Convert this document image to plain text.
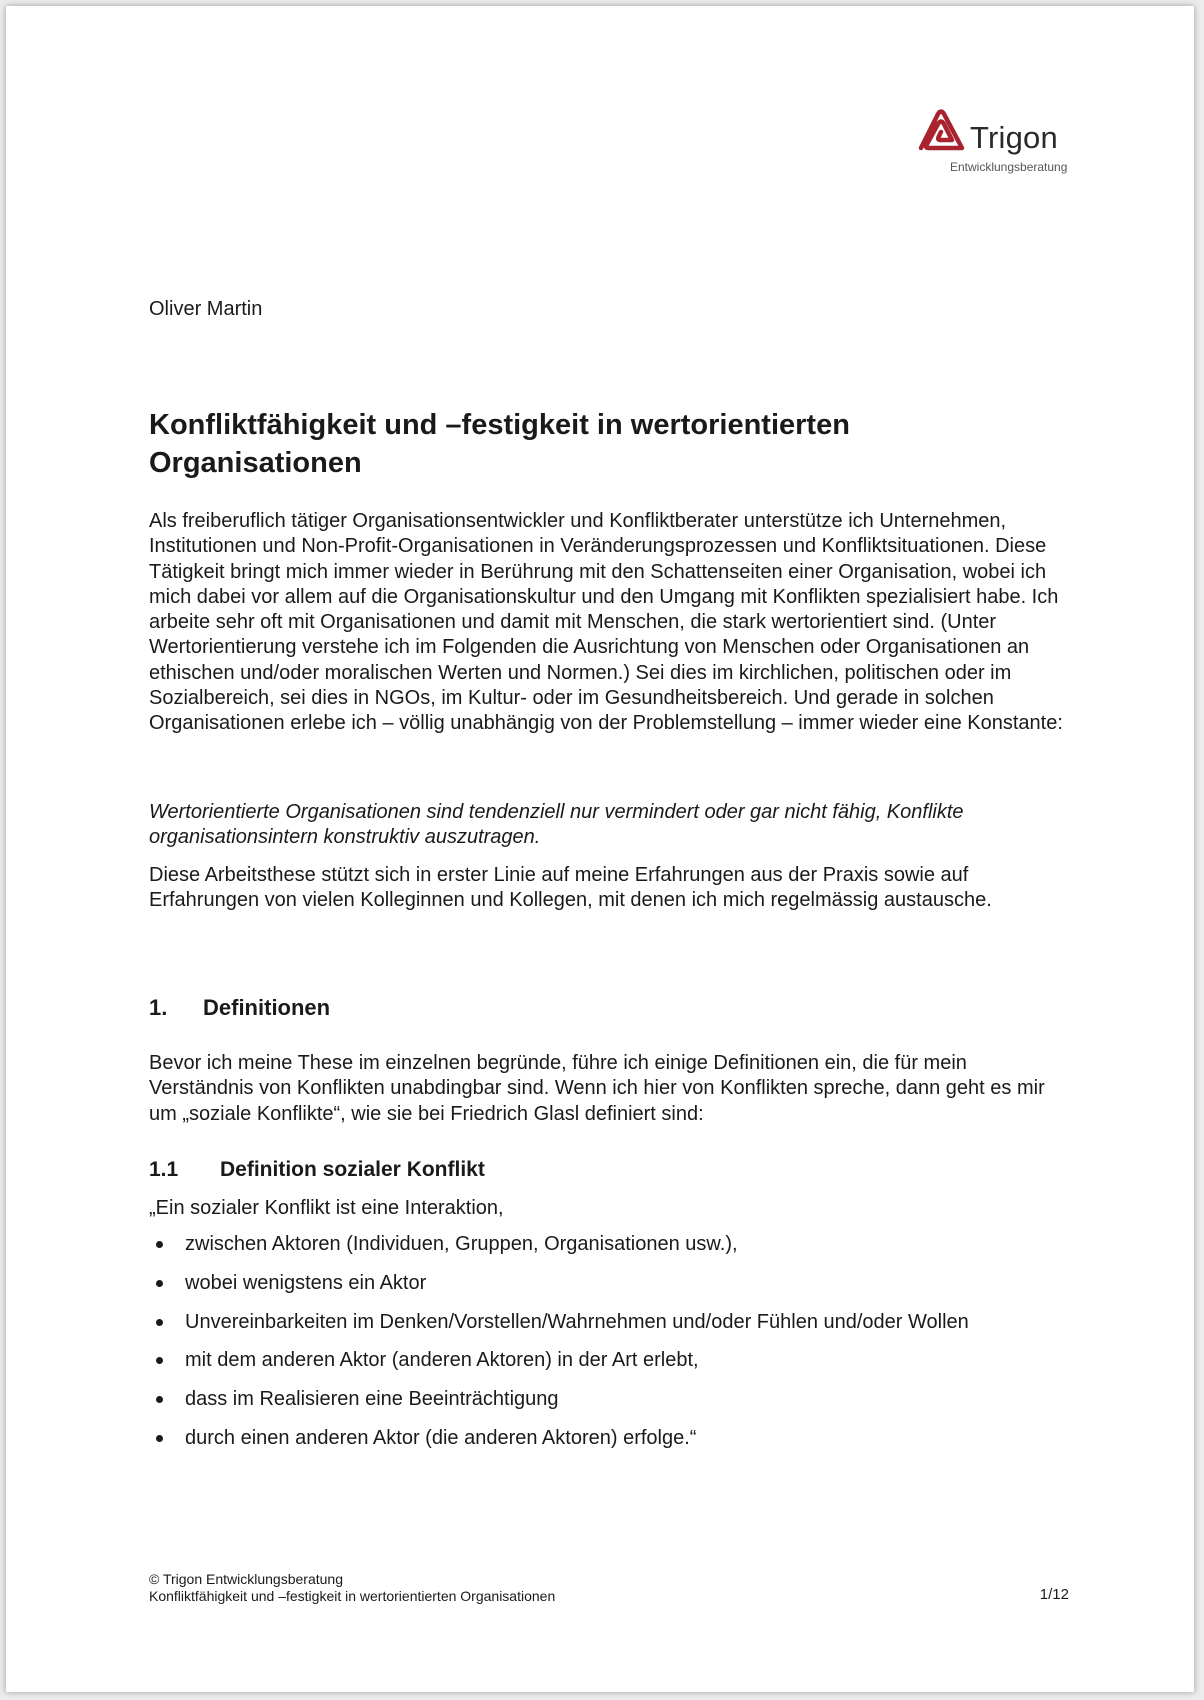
Trigon
Entwicklungsberatung
Oliver Martin
Konfliktfähigkeit und –festigkeit in wertorientierten Organisationen

Als freiberuflich tätiger Organisationsentwickler und Konfliktberater unterstütze ich Unternehmen, Institutionen und Non-Profit-Organisationen in Veränderungsprozessen und Konfliktsituationen. Diese Tätigkeit bringt mich immer wieder in Berührung mit den Schattenseiten einer Organisation, wobei ich mich dabei vor allem auf die Organisationskultur und den Umgang mit Konflikten spezialisiert habe. Ich arbeite sehr oft mit Organisationen und damit mit Menschen, die stark wertorientiert sind. (Unter Wertorientierung verstehe ich im Folgenden die Ausrichtung von Menschen oder Organisationen an ethischen und/oder moralischen Werten und Normen.) Sei dies im kirchlichen, politischen oder im Sozialbereich, sei dies in NGOs, im Kultur- oder im Gesundheitsbereich. Und gerade in solchen Organisationen erlebe ich – völlig unabhängig von der Problemstellung – immer wieder eine Konstante:

Wertorientierte Organisationen sind tendenziell nur vermindert oder gar nicht fähig, Konflikte organisationsintern konstruktiv auszutragen.

Diese Arbeitsthese stützt sich in erster Linie auf meine Erfahrungen aus der Praxis sowie auf Erfahrungen von vielen Kolleginnen und Kollegen, mit denen ich mich regelmässig austausche.

1. Definitionen

Bevor ich meine These im einzelnen begründe, führe ich einige Definitionen ein, die für mein Verständnis von Konflikten unabdingbar sind. Wenn ich hier von Konflikten spreche, dann geht es mir um „soziale Konflikte“, wie sie bei Friedrich Glasl definiert sind:

1.1 Definition sozialer Konflikt
„Ein sozialer Konflikt ist eine Interaktion,
zwischen Aktoren (Individuen, Gruppen, Organisationen usw.),
wobei wenigstens ein Aktor
Unvereinbarkeiten im Denken/Vorstellen/Wahrnehmen und/oder Fühlen und/oder Wollen
mit dem anderen Aktor (anderen Aktoren) in der Art erlebt,
dass im Realisieren eine Beeinträchtigung
durch einen anderen Aktor (die anderen Aktoren) erfolge.“
© Trigon Entwicklungsberatung
Konfliktfähigkeit und –festigkeit in wertorientierten Organisationen	1/12
